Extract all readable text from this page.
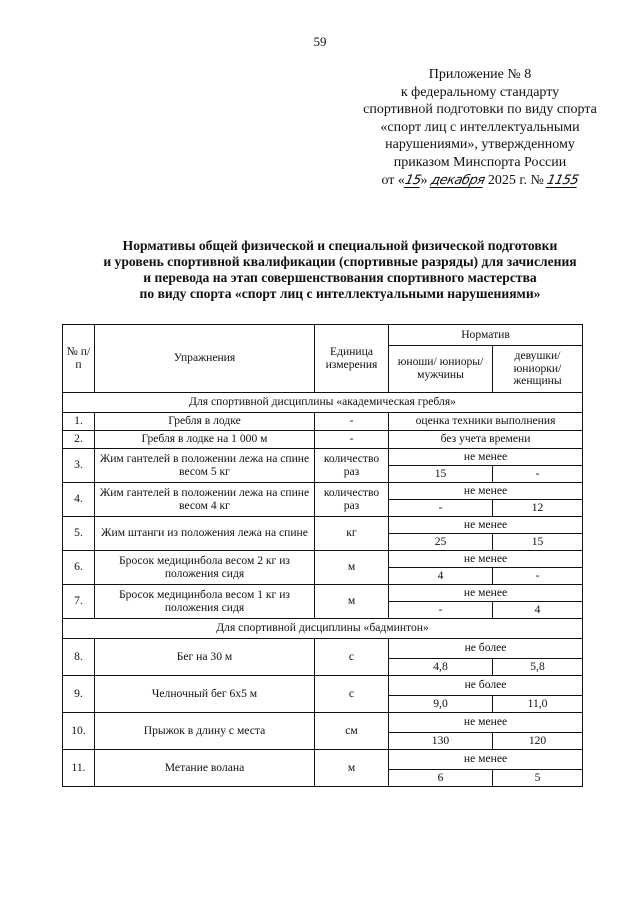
59
Приложение № 8
к федеральному стандарту
спортивной подготовки по виду спорта
«спорт лиц с интеллектуальными
нарушениями», утвержденному
приказом Минспорта России
от «15» декабря 2025 г. № 1155
Нормативы общей физической и специальной физической подготовки
и уровень спортивной квалификации (спортивные разряды) для зачисления
и перевода на этап совершенствования спортивного мастерства
по виду спорта «спорт лиц с интеллектуальными нарушениями»
№ п/п	Упражнения	Единица измерения	Норматив	
			юноши/ юниоры/ мужчины	девушки/ юниорки/ женщины
Для спортивной дисциплины «академическая гребля»				
1.	Гребля в лодке	-	оценка техники выполнения	
2.	Гребля в лодке на 1 000 м	-	без учета времени	
3.	Жим гантелей в положении лежа на спине весом 5 кг	количество раз	не менее	
			15	-
4.	Жим гантелей в положении лежа на спине весом 4 кг	количество раз	не менее	
			-	12
5.	Жим штанги из положения лежа на спине	кг	не менее	
			25	15
6.	Бросок медицинбола весом 2 кг из положения сидя	м	не менее	
			4	-
7.	Бросок медицинбола весом 1 кг из положения сидя	м	не менее	
			-	4
Для спортивной дисциплины «бадминтон»				
8.	Бег на 30 м	с	не более	
			4,8	5,8
9.	Челночный бег 6х5 м	с	не более	
			9,0	11,0
10.	Прыжок в длину с места	см	не менее	
			130	120
11.	Метание волана	м	не менее	
			6	5
